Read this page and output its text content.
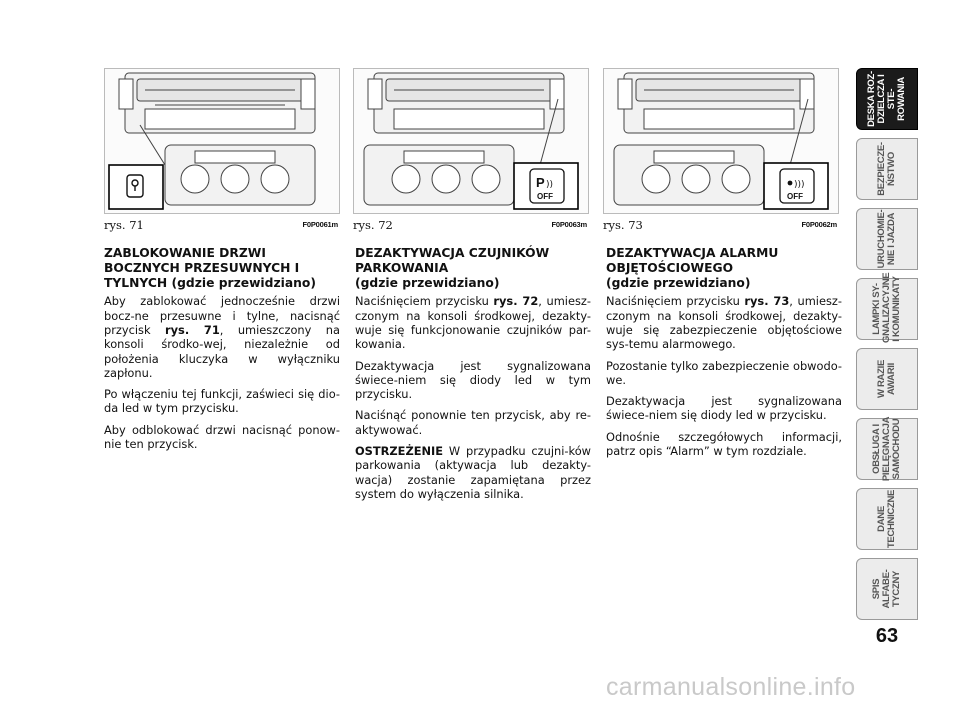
P ))
OFF
)))
OFF
rys. 71	F0P0061m rys. 72	F0P0063m rys. 73	F0P0062m
ZABLOKOWANIE DRZWI
BOCZNYCH PRZESUWNYCH I
TYLNYCH (gdzie przewidziano)

Aby zablokować jednocześnie drzwi bocz-ne przesuwne i tylne, nacisnąć przycisk rys. 71, umieszczony na konsoli środko-wej, niezależnie od położenia kluczyka w wyłączniku zapłonu.

Po włączeniu tej funkcji, zaświeci się dio-da led w tym przycisku.

Aby odblokować drzwi nacisnąć ponow-nie ten przycisk.

DEZAKTYWACJA CZUJNIKÓW
PARKOWANIA
(gdzie przewidziano)

Naciśnięciem przycisku rys. 72, umiesz-czonym na konsoli środkowej, dezakty-wuje się funkcjonowanie czujników par-kowania.

Dezaktywacja jest sygnalizowana świece-niem się diody led w tym przycisku.

Naciśnąć ponownie ten przycisk, aby re-aktywować.

OSTRZEŻENIE W przypadku czujni-ków parkowania (aktywacja lub dezakty-wacja) zostanie zapamiętana przez system do wyłączenia silnika.

DEZAKTYWACJA ALARMU
OBJĘTOŚCIOWEGO
(gdzie przewidziano)

Naciśnięciem przycisku rys. 73, umiesz-czonym na konsoli środkowej, dezakty-wuje się zabezpieczenie objętościowe sys-temu alarmowego.

Pozostanie tylko zabezpieczenie obwodo-we.

Dezaktywacja jest sygnalizowana świece-niem się diody led w przycisku.

Odnośnie szczegółowych informacji, patrz opis “Alarm” w tym rozdziale.

DESKA ROZ-
DZIELCZA I STE-
ROWANIA
BEZPIECZE-
ŃSTWO
URUCHOMIE-
NIE I JAZDA
LAMPKI SY-
GNALIZACYJNE
I KOMUNIKATY
W RAZIE
AWARII
OBSŁUGA I
PIELĘGNACJA
SAMOCHODU
DANE
TECHNICZNE
SPIS ALFABE-
TYCZNY
63
carmanualsonline.info
